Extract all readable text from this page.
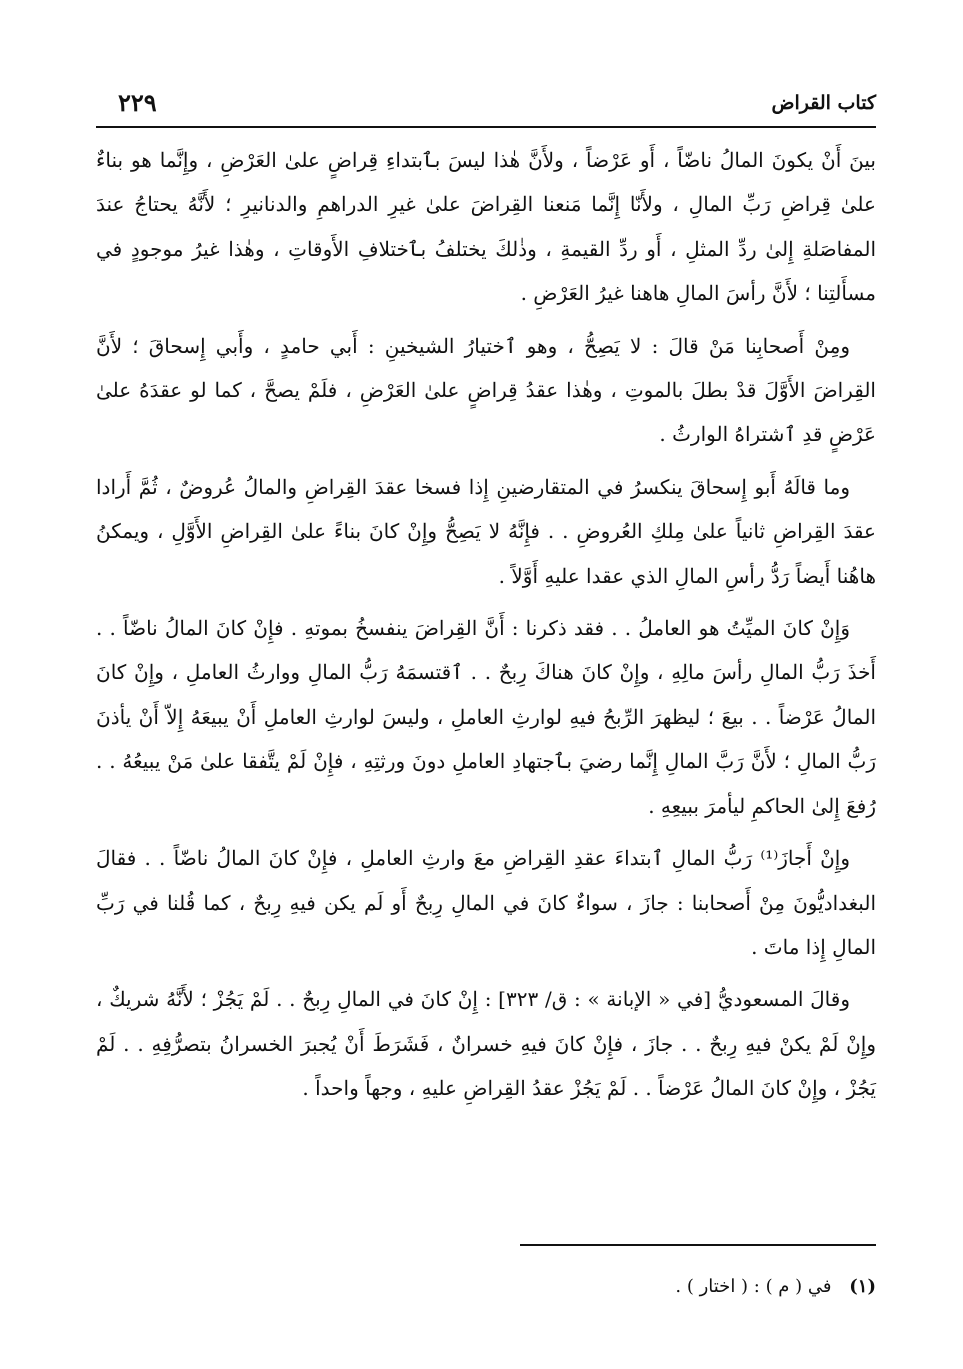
كتاب القراض
٢٢٩

بينَ أَنْ يكونَ المالُ ناضّاً ، أَو عَرْضاً ، ولأَنَّ هٰذا ليسَ بٱبتداءِ قِراضٍ علىٰ العَرْضِ ، وإِنَّما هو بناءٌ علىٰ قِراضِ رَبِّ المالِ ، ولأَنّا إِنَّما مَنعنا القِراضَ علىٰ غيرِ الدراهمِ والدنانيرِ ؛ لأَنَّهُ يحتاجُ عندَ المفاصَلةِ إِلىٰ ردِّ المثلِ ، أَو ردِّ القيمةِ ، وذٰلكَ يختلفُ بٱختلافِ الأَوقاتِ ، وهٰذا غيرُ موجودٍ في مسأَلتِنا ؛ لأَنَّ رأسَ المالِ هاهنا غيرُ العَرْضِ .

ومِنْ أَصحابِنا مَنْ قالَ : لا يَصِحُّ ، وهو ٱختيارُ الشيخينِ : أَبي حامدٍ ، وأَبي إِسحاقَ ؛ لأَنَّ القِراضَ الأَوَّلَ قدْ بطلَ بالموتِ ، وهٰذا عقدُ قِراضٍ علىٰ العَرْضِ ، فلَمْ يصحَّ ، كما لو عقدَهُ علىٰ عَرْضٍ قدِ ٱشتراهُ الوارثُ .

وما قالَهُ أَبو إِسحاقَ ينكسرُ في المتقارضينِ إِذا فسخا عقدَ القِراضِ والمالُ عُروضٌ ، ثُمَّ أَرادا عقدَ القِراضِ ثانياً علىٰ مِلكِ العُروضِ . . فإِنَّهُ لا يَصِحُّ وإِنْ كانَ بناءً علىٰ القِراضِ الأَوَّلِ ، ويمكنُ هاهُنا أَيضاً رَدُّ رأسِ المالِ الذي عقدا عليهِ أَوَّلاً .

وَإِنْ كانَ الميِّتُ هو العاملُ . . فقد ذكرنا : أَنَّ القِراضَ ينفسخُ بموتهِ . فإِنْ كانَ المالُ ناضّاً . . أَخذَ رَبُّ المالِ رأسَ مالِهِ ، وإِنْ كانَ هناكَ رِبحٌ . . ٱقتسمَهُ رَبُّ المالِ ووارثُ العاملِ ، وإِنْ كانَ المالُ عَرْضاً . . بيعَ ؛ ليظهرَ الرِّبحُ فيهِ لوارثِ العاملِ ، وليسَ لوارثِ العاملِ أَنْ يبيعَهُ إِلاّ أَنْ يأذنَ رَبُّ المالِ ؛ لأَنَّ رَبَّ المالِ إِنَّما رضيَ بٱجتهادِ العاملِ دونَ ورثتِهِ ، فإِنْ لَمْ يتَّفقا علىٰ مَنْ يبيعُهُ . . رُفعَ إِلىٰ الحاكمِ ليأمرَ ببيعِهِ .

وإِنْ أَجازَ⁽¹⁾ رَبُّ المالِ ٱبتداءَ عقدِ القِراضِ معَ وارثِ العاملِ ، فإِنْ كانَ المالُ ناضّاً . . فقالَ البغداديُّونَ مِنْ أَصحابنا : جازَ ، سواءٌ كانَ في المالِ رِبحٌ أَو لَم يكن فيهِ رِبحٌ ، كما قُلنا في رَبِّ المالِ إِذا ماتَ .

وقالَ المسعوديُّ [في « الإبانة » : ق/ ٣٢٣] : إِنْ كانَ في المالِ رِبحٌ . . لَمْ يَجُزْ ؛ لأَنَّهُ شريكٌ ، وإِنْ لَمْ يكنْ فيهِ رِبحٌ . . جازَ ، فإِنْ كانَ فيهِ خسرانٌ ، فَشَرَطَ أَنْ يُجبرَ الخسرانُ بتصرُّفِهِ . . لَمْ يَجُزْ ، وإِنْ كانَ المالُ عَرْضاً . . لَمْ يَجُزْ عقدُ القِراضِ عليهِ ، وجهاً واحداً .

(١) في ( م ) : ( اختار ) .
